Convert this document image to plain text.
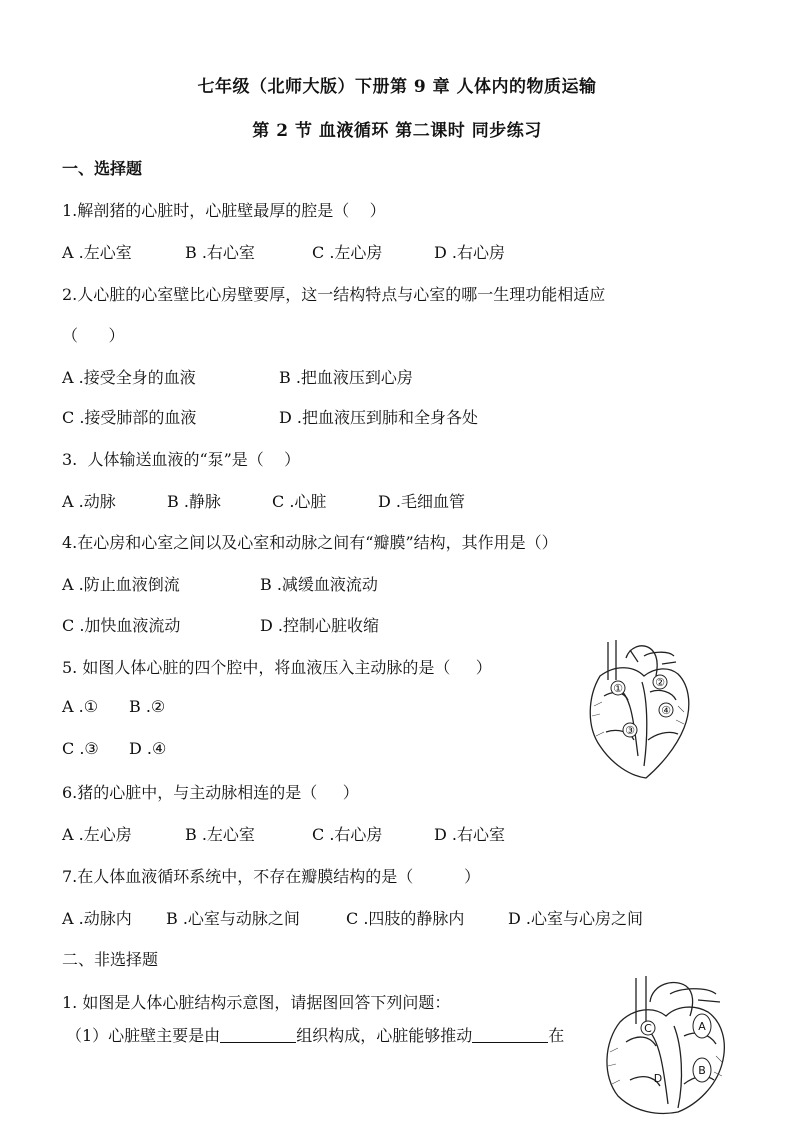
七年级（北师大版）下册第 9 章 人体内的物质运输
第 2 节 血液循环 第二课时 同步练习
一、选择题
1.解剖猪的心脏时，心脏壁最厚的腔是（    ）
A .左心室	B .右心室	C .左心房	D .右心房
2.人心脏的心室壁比心房壁要厚，这一结构特点与心室的哪一生理功能相适应
（      ）
A .接受全身的血液	B .把血液压到心房
C .接受肺部的血液	D .把血液压到肺和全身各处
3.  人体输送血液的“泵”是（    ）
A .动脉	B .静脉	C .心脏	D .毛细血管
4.在心房和心室之间以及心室和动脉之间有“瓣膜”结构，其作用是（）
A .防止血液倒流	B .减缓血液流动
C .加快血液流动	D .控制心脏收缩
5. 如图人体心脏的四个腔中，将血液压入主动脉的是（     ）
A .①	B .②
C .③	D .④
①	②
③
④
6.猪的心脏中，与主动脉相连的是（     ）
A .左心房	B .左心室	C .右心房	D .右心室
7.在人体血液循环系统中，不存在瓣膜结构的是（          ）
A .动脉内	B .心室与动脉之间	C .四肢的静脉内	D .心室与心房之间
二、非选择题
1. 如图是人体心脏结构示意图，请据图回答下列问题：
（1）心脏壁主要是由	组织构成，心脏能够推动	在	C	A
B
D
